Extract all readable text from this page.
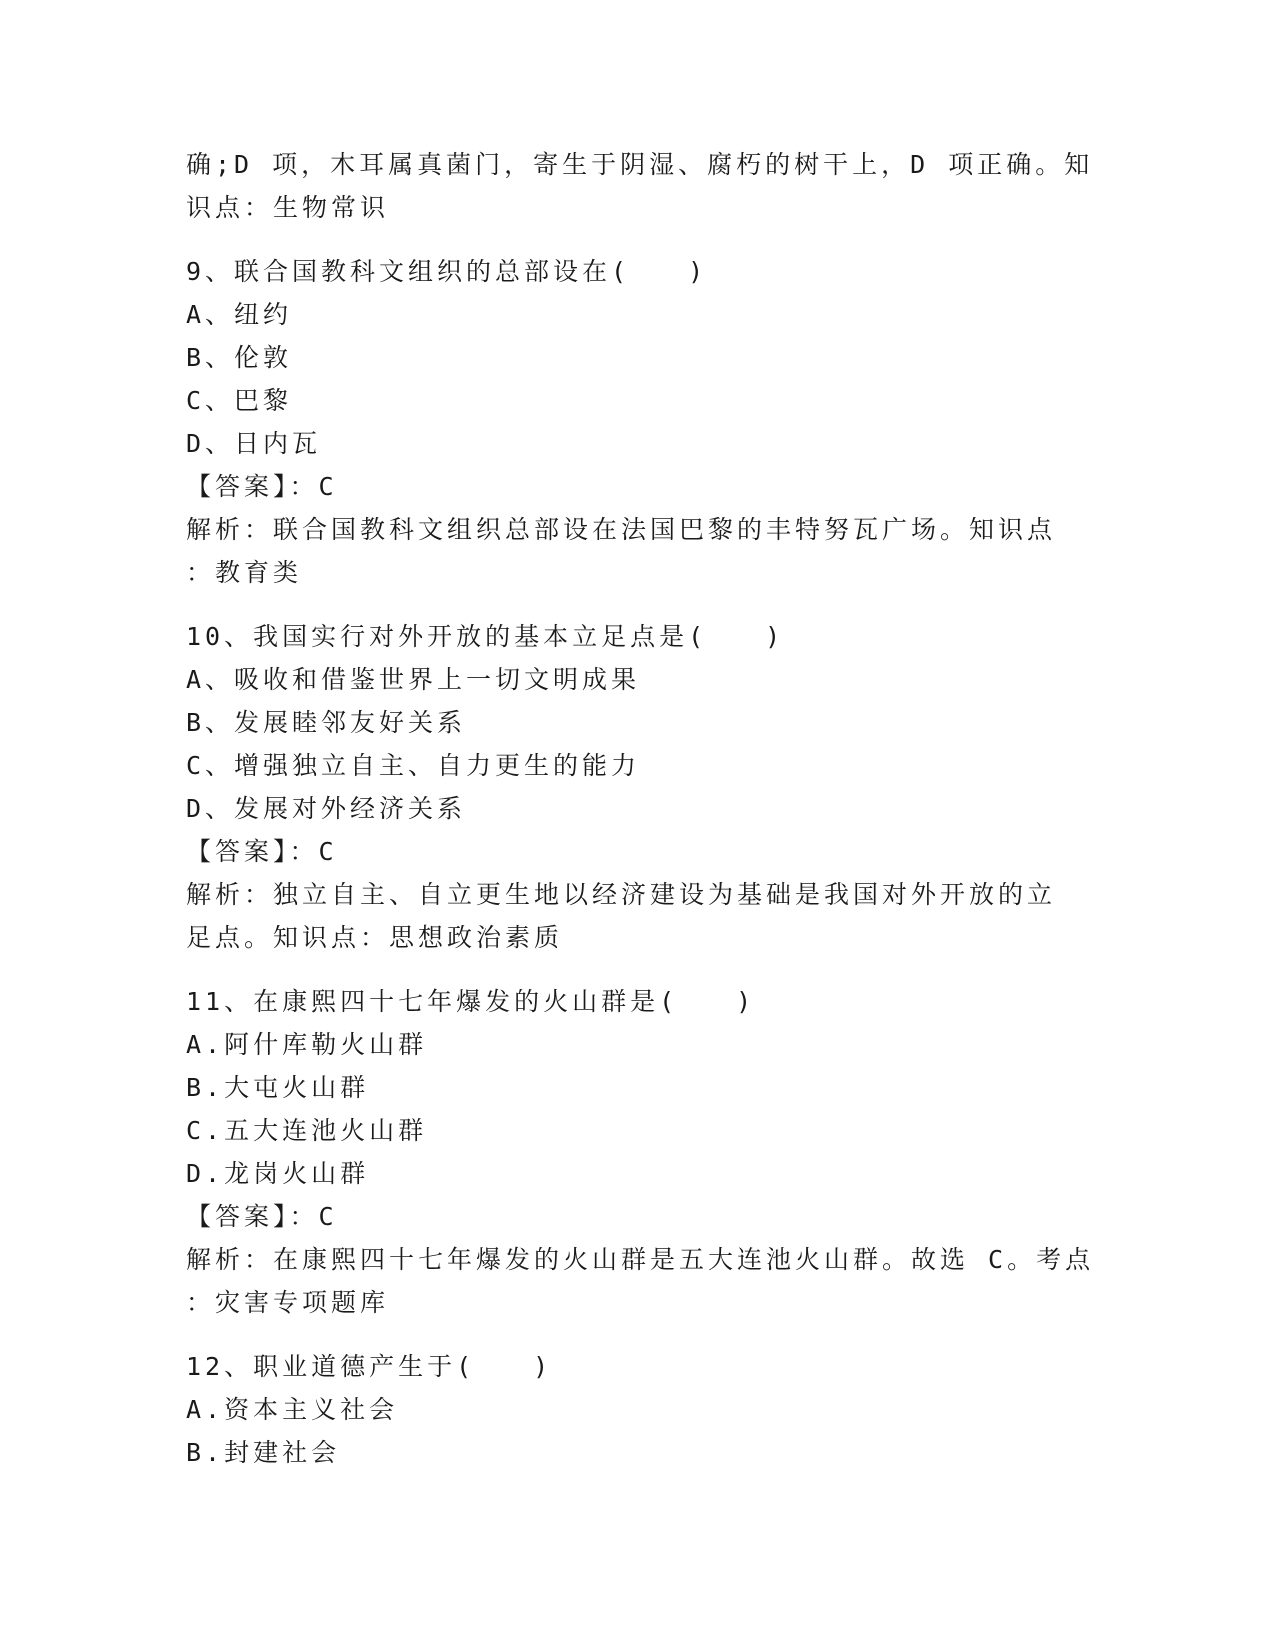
确;D 项，木耳属真菌门，寄生于阴湿、腐朽的树干上，D 项正确。知
识点：生物常识
9、联合国教科文组织的总部设在(　　)
A、纽约
B、伦敦
C、巴黎
D、日内瓦
【答案】：C
解析：联合国教科文组织总部设在法国巴黎的丰特努瓦广场。知识点
：教育类
10、我国实行对外开放的基本立足点是(　　)
A、吸收和借鉴世界上一切文明成果
B、发展睦邻友好关系
C、增强独立自主、自力更生的能力
D、发展对外经济关系
【答案】：C
解析：独立自主、自立更生地以经济建设为基础是我国对外开放的立
足点。知识点：思想政治素质
11、在康熙四十七年爆发的火山群是(　　)
A.阿什库勒火山群
B.大屯火山群
C.五大连池火山群
D.龙岗火山群
【答案】：C
解析：在康熙四十七年爆发的火山群是五大连池火山群。故选 C。考点
：灾害专项题库
12、职业道德产生于(　　)
A.资本主义社会
B.封建社会
